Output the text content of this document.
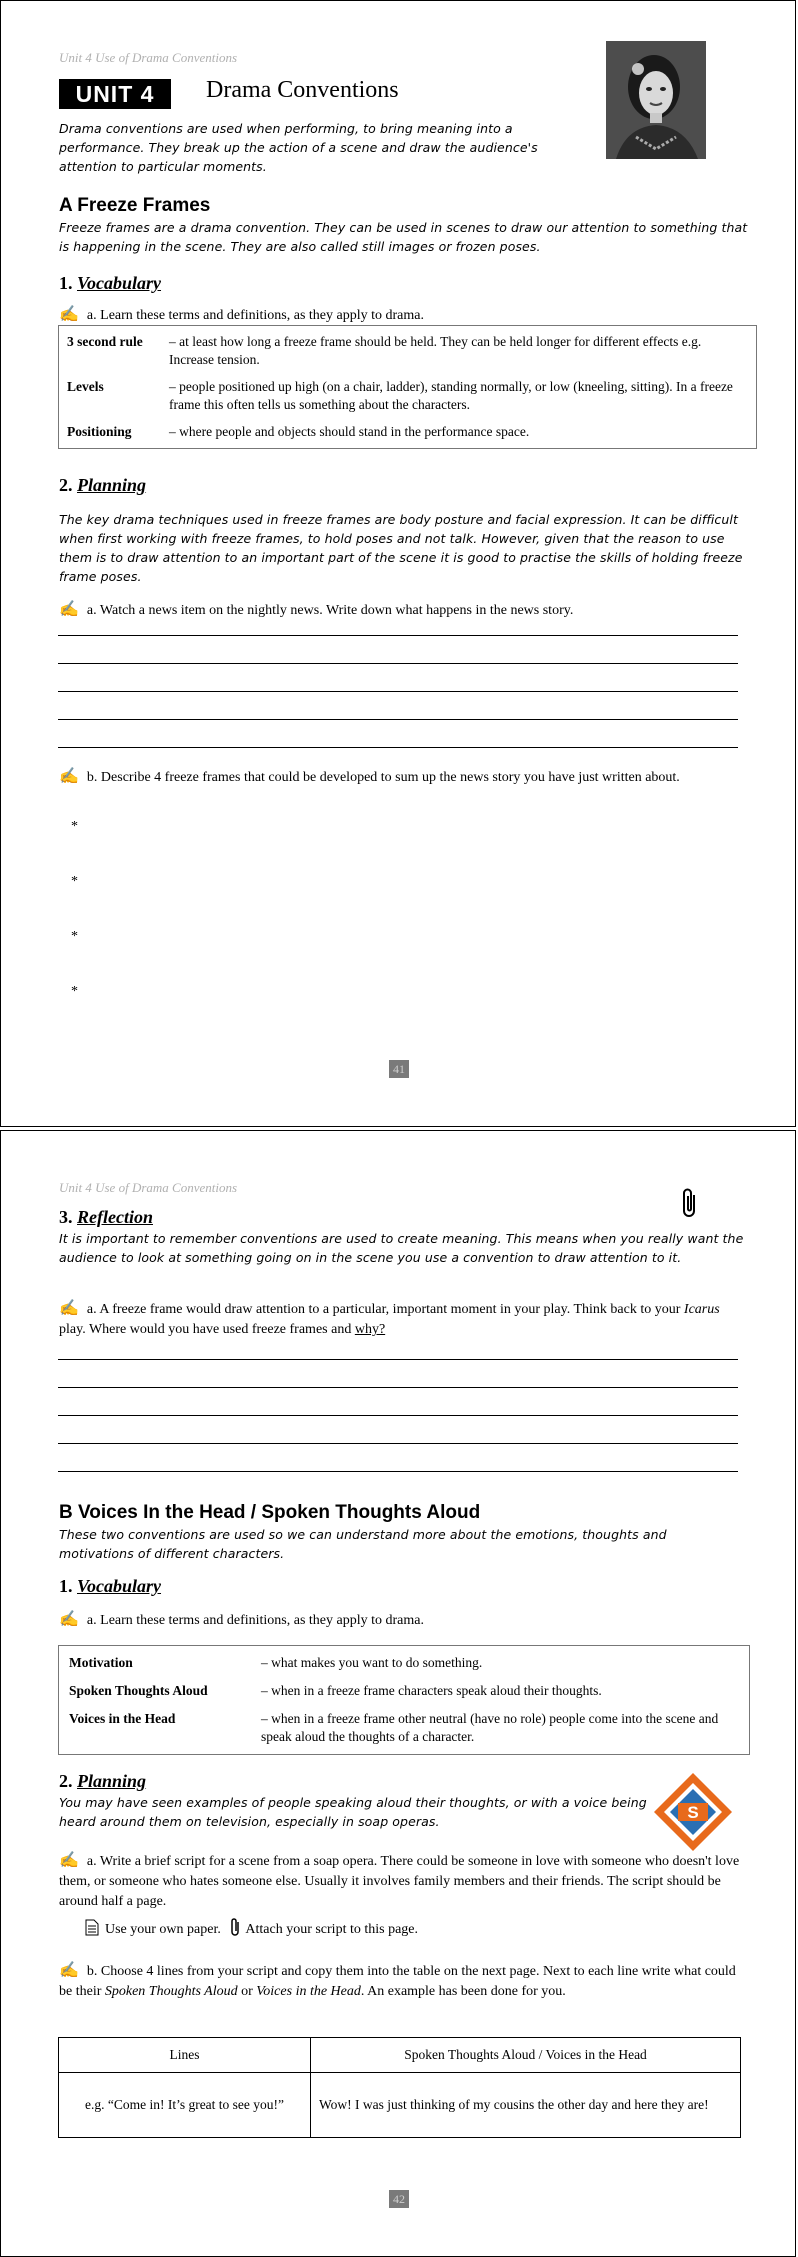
Unit 4 Use of Drama Conventions
UNIT 4	Drama Conventions
Drama conventions are used when performing, to bring meaning into a performance. They break up the action of a scene and draw the audience's attention to particular moments.
A Freeze Frames
Freeze frames are a drama convention. They can be used in scenes to draw our attention to something that is happening in the scene. They are also called still images or frozen poses.
1. Vocabulary
✍ a. Learn these terms and definitions, as they apply to drama.
3 second rule	– at least how long a freeze frame should be held. They can be held longer for different effects e.g. Increase tension.
Levels	– people positioned up high (on a chair, ladder), standing normally, or low (kneeling, sitting). In a freeze frame this often tells us something about the characters.
Positioning	– where people and objects should stand in the performance space.
2. Planning
The key drama techniques used in freeze frames are body posture and facial expression. It can be difficult when first working with freeze frames, to hold poses and not talk. However, given that the reason to use them is to draw attention to an important part of the scene it is good to practise the skills of holding freeze frame poses.
✍ a. Watch a news item on the nightly news. Write down what happens in the news story.
✍ b. Describe 4 freeze frames that could be developed to sum up the news story you have just written about.
*
*
*
*
41
Unit 4 Use of Drama Conventions
3. Reflection
It is important to remember conventions are used to create meaning. This means when you really want the audience to look at something going on in the scene you use a convention to draw attention to it.
✍ a. A freeze frame would draw attention to a particular, important moment in your play. Think back to your Icarus play. Where would you have used freeze frames and why?
B Voices In the Head / Spoken Thoughts Aloud
These two conventions are used so we can understand more about the emotions, thoughts and motivations of different characters.
1. Vocabulary
✍ a. Learn these terms and definitions, as they apply to drama.
Motivation	– what makes you want to do something.
Spoken Thoughts Aloud	– when in a freeze frame characters speak aloud their thoughts.
Voices in the Head	– when in a freeze frame other neutral (have no role) people come into the scene and speak aloud the thoughts of a character.
2. Planning
You may have seen examples of people speaking aloud their thoughts, or with a voice being heard around them on television, especially in soap operas.	S
✍ a. Write a brief script for a scene from a soap opera. There could be someone in love with someone who doesn't love them, or someone who hates someone else. Usually it involves family members and their friends. The script should be around half a page.
Use your own paper. Attach your script to this page.
✍ b. Choose 4 lines from your script and copy them into the table on the next page. Next to each line write what could be their Spoken Thoughts Aloud or Voices in the Head. An example has been done for you.
Lines	Spoken Thoughts Aloud / Voices in the Head
e.g. “Come in! It’s great to see you!”	Wow! I was just thinking of my cousins the other day and here they are!
42
